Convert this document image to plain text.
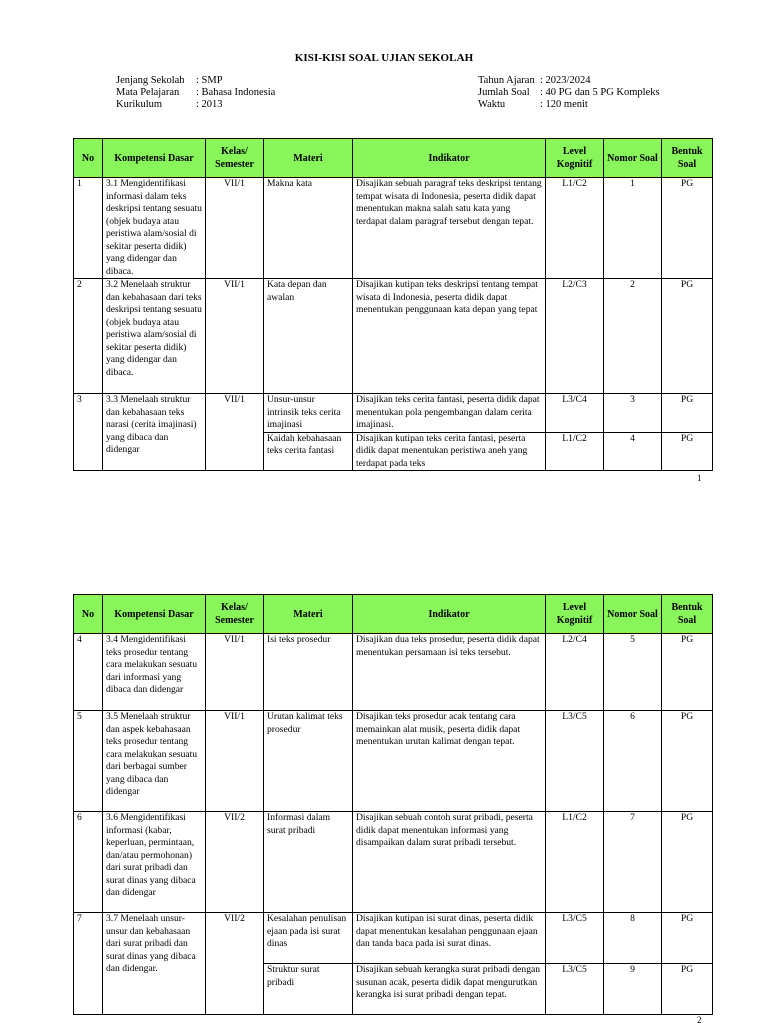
KISI-KISI SOAL UJIAN SEKOLAH
Jenjang Sekolah : SMP
Mata Pelajaran : Bahasa Indonesia
Kurikulum	: 2013
Tahun Ajaran : 2023/2024
Jumlah Soal : 40 PG dan 5 PG Kompleks
Waktu	: 120 menit
No	Kompetensi Dasar	Kelas/ Semester	Materi	Indikator	Level Kognitif	Nomor Soal	Bentuk Soal
1	3.1 Mengidentifikasi informasi dalam teks deskripsi tentang sesuatu (objek budaya atau peristiwa alam/sosial di sekitar peserta didik) yang didengar dan dibaca.	VII/1	Makna kata	Disajikan sebuah paragraf teks deskripsi tentang tempat wisata di Indonesia, peserta didik dapat menentukan makna salah satu kata yang terdapat dalam paragraf tersebut dengan tepat.	L1/C2	1	PG
2	3.2 Menelaah struktur dan kebahasaan dari teks deskripsi tentang sesuatu (objek budaya atau peristiwa alam/sosial di sekitar peserta didik) yang didengar dan dibaca.	VII/1	Kata depan dan awalan	Disajikan kutipan teks deskripsi tentang tempat wisata di Indonesia, peserta didik dapat menentukan penggunaan kata depan yang tepat	L2/C3	2	PG
3	3.3 Menelaah struktur dan kebahasaan teks narasi (cerita imajinasi) yang dibaca dan didengar	VII/1	Unsur-unsur intrinsik teks cerita imajinasi	Disajikan teks cerita fantasi, peserta didik dapat menentukan pola pengembangan dalam cerita imajinasi.	L3/C4	3	PG
			Kaidah kebahasaan teks cerita fantasi	Disajikan kutipan teks cerita fantasi, peserta didik dapat menentukan peristiwa aneh yang terdapat pada teks	L1/C2	4	PG
1
No	Kompetensi Dasar	Kelas/ Semester	Materi	Indikator	Level Kognitif	Nomor Soal	Bentuk Soal
4	3.4 Mengidentifikasi teks prosedur tentang cara melakukan sesuatu dari informasi yang dibaca dan didengar	VII/1	Isi teks prosedur	Disajikan dua teks prosedur, peserta didik dapat menentukan persamaan isi teks tersebut.	L2/C4	5	PG
5	3.5 Menelaah struktur dan aspek kebahasaan teks prosedur tentang cara melakukan sesuatu dari berbagai sumber yang dibaca dan didengar	VII/1	Urutan kalimat teks prosedur	Disajikan teks prosedur acak tentang cara memainkan alat musik, peserta didik dapat menentukan urutan kalimat dengan tepat.	L3/C5	6	PG
6	3.6 Mengidentifikasi informasi (kabar, keperluan, permintaan, dan/atau permohonan) dari surat pribadi dan surat dinas yang dibaca dan didengar	VII/2	Informasi dalam surat pribadi	Disajikan sebuah contoh surat pribadi, peserta didik dapat menentukan informasi yang disampaikan dalam surat pribadi tersebut.	L1/C2	7	PG
7	3.7 Menelaah unsur-unsur dan kebahasaan dari surat pribadi dan surat dinas yang dibaca dan didengar.	VII/2	Kesalahan penulisan ejaan pada isi surat dinas	Disajikan kutipan isi surat dinas, peserta didik dapat menentukan kesalahan penggunaan ejaan dan tanda baca pada isi surat dinas.	L3/C5	8	PG
			Struktur surat pribadi	Disajikan sebuah kerangka surat pribadi dengan susunan acak, peserta didik dapat mengurutkan kerangka isi surat pribadi dengan tepat.	L3/C5	9	PG
2
